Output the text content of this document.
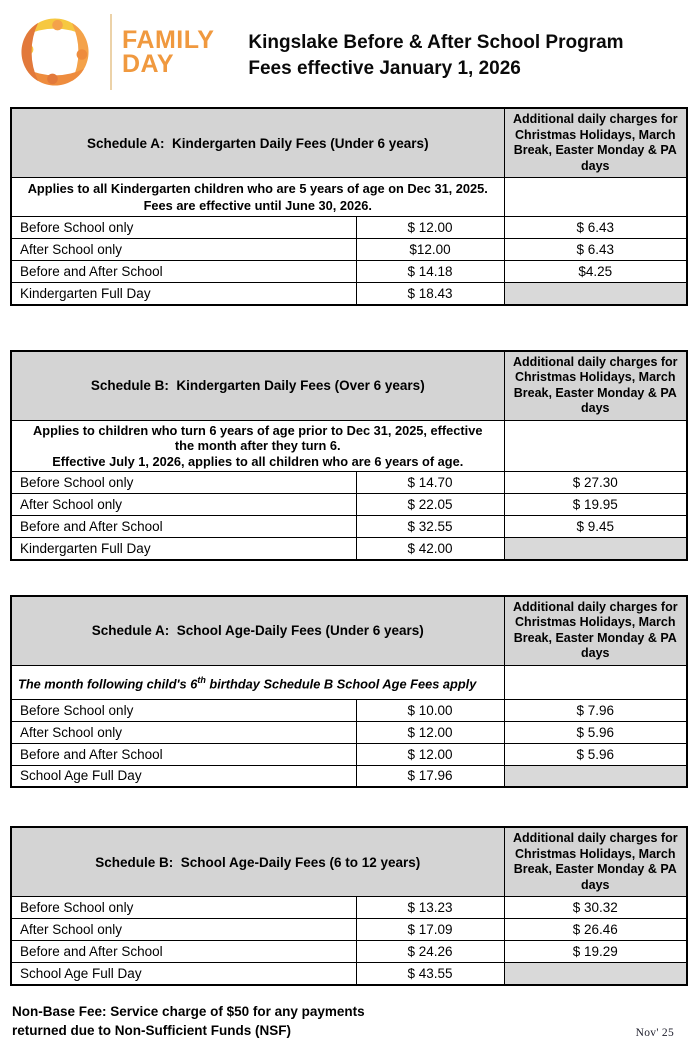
FAMILY
DAY
Kingslake Before & After School Program
Fees effective January 1, 2026
Schedule A:  Kindergarten Daily Fees (Under 6 years)		Additional daily charges for Christmas Holidays, March Break, Easter Monday & PA days

Applies to all Kindergarten children who are 5 years of age on Dec 31, 2025.
Fees are effective until June 30, 2026.		

Before School only	$ 12.00	$ 6.43
After School only	$12.00	$ 6.43
Before and After School	$ 14.18	$4.25
Kindergarten Full Day	$ 18.43	
Schedule B:  Kindergarten Daily Fees (Over 6 years)		Additional daily charges for Christmas Holidays, March Break, Easter Monday & PA days

Applies to children who turn 6 years of age prior to Dec 31, 2025, effective
the month after they turn 6.
Effective July 1, 2026, applies to all children who are 6 years of age.		

Before School only	$ 14.70	$ 27.30
After School only	$ 22.05	$ 19.95
Before and After School	$ 32.55	$ 9.45
Kindergarten Full Day	$ 42.00	
Schedule A:  School Age-Daily Fees (Under 6 years)		Additional daily charges for Christmas Holidays, March Break, Easter Monday & PA days
The month following child's 6th birthday Schedule B School Age Fees apply		
Before School only	$ 10.00	$ 7.96
After School only	$ 12.00	$ 5.96
Before and After School	$ 12.00	$ 5.96
School Age Full Day	$ 17.96	
Schedule B:  School Age-Daily Fees (6 to 12 years)		Additional daily charges for Christmas Holidays, March Break, Easter Monday & PA days
Before School only	$ 13.23	$ 30.32
After School only	$ 17.09	$ 26.46
Before and After School	$ 24.26	$ 19.29
School Age Full Day	$ 43.55	
Non-Base Fee: Service charge of $50 for any payments
returned due to Non-Sufficient Funds (NSF)	Nov' 25
